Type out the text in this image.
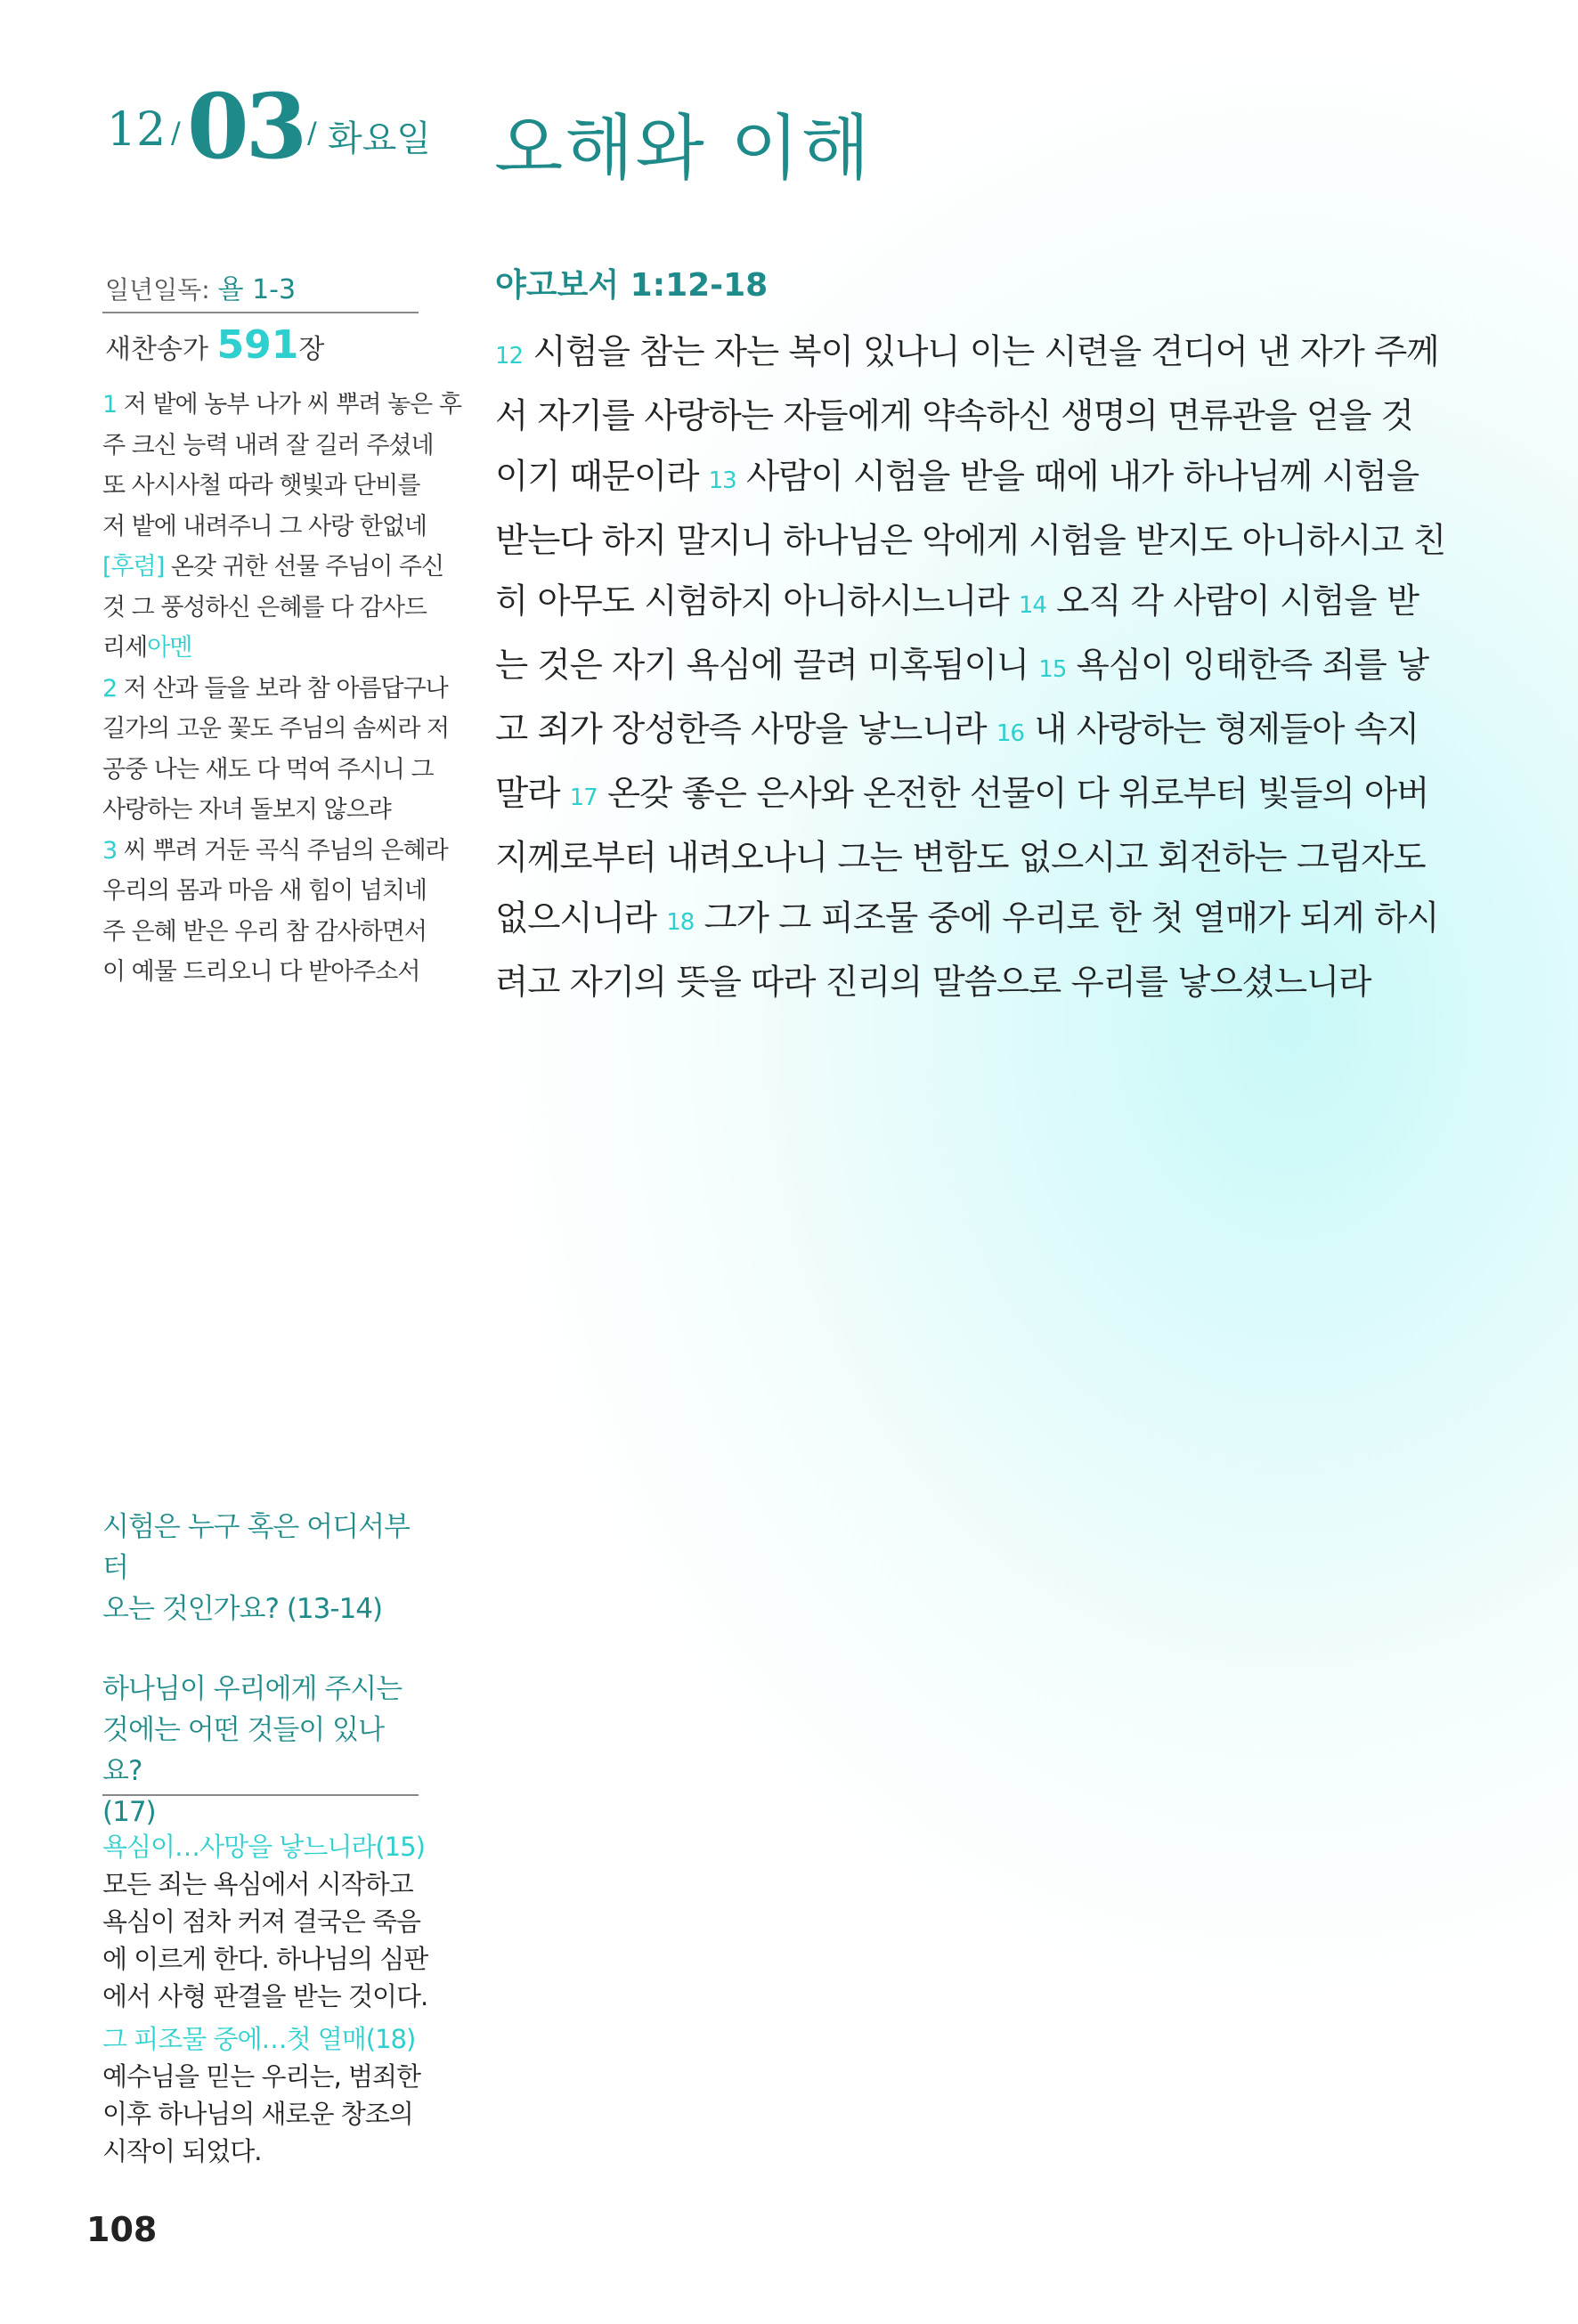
12 / 03 / 화요일 오해와 이해
일년일독: 욜 1-3
새찬송가 591장
1 저 밭에 농부 나가 씨 뿌려 놓은 후
주 크신 능력 내려 잘 길러 주셨네
또 사시사철 따라 햇빛과 단비를
저 밭에 내려주니 그 사랑 한없네
[후렴] 온갖 귀한 선물 주님이 주신
것 그 풍성하신 은혜를 다 감사드
리세아멘
2 저 산과 들을 보라 참 아름답구나
길가의 고운 꽃도 주님의 솜씨라 저
공중 나는 새도 다 먹여 주시니 그
사랑하는 자녀 돌보지 않으랴
3 씨 뿌려 거둔 곡식 주님의 은혜라
우리의 몸과 마음 새 힘이 넘치네
주 은혜 받은 우리 참 감사하면서
이 예물 드리오니 다 받아주소서
시험은 누구 혹은 어디서부터
오는 것인가요? (13-14)
하나님이 우리에게 주시는
것에는 어떤 것들이 있나요?
(17)
욕심이…사망을 낳느니라(15)
모든 죄는 욕심에서 시작하고
욕심이 점차 커져 결국은 죽음
에 이르게 한다. 하나님의 심판
에서 사형 판결을 받는 것이다.
그 피조물 중에…첫 열매(18)
예수님을 믿는 우리는, 범죄한
이후 하나님의 새로운 창조의
시작이 되었다.
108
야고보서 1:12-18
12 시험을 참는 자는 복이 있나니 이는 시련을 견디어 낸 자가 주께
서 자기를 사랑하는 자들에게 약속하신 생명의 면류관을 얻을 것
이기 때문이라 13 사람이 시험을 받을 때에 내가 하나님께 시험을
받는다 하지 말지니 하나님은 악에게 시험을 받지도 아니하시고 친
히 아무도 시험하지 아니하시느니라 14 오직 각 사람이 시험을 받
는 것은 자기 욕심에 끌려 미혹됨이니 15 욕심이 잉태한즉 죄를 낳
고 죄가 장성한즉 사망을 낳느니라 16 내 사랑하는 형제들아 속지
말라 17 온갖 좋은 은사와 온전한 선물이 다 위로부터 빛들의 아버
지께로부터 내려오나니 그는 변함도 없으시고 회전하는 그림자도
없으시니라 18 그가 그 피조물 중에 우리로 한 첫 열매가 되게 하시
려고 자기의 뜻을 따라 진리의 말씀으로 우리를 낳으셨느니라
